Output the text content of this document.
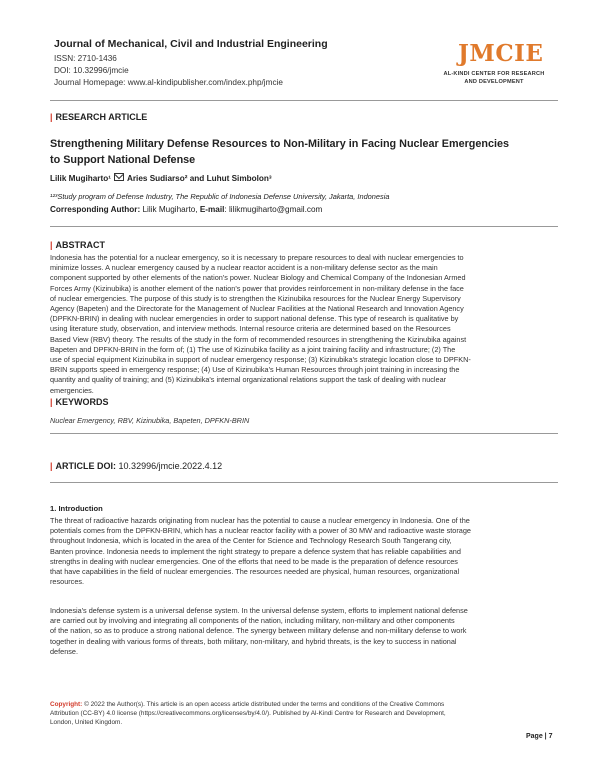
Journal of Mechanical, Civil and Industrial Engineering
ISSN: 2710-1436
DOI: 10.32996/jmcie
Journal Homepage: www.al-kindipublisher.com/index.php/jmcie
JMCIE
AL-KINDI CENTER FOR RESEARCH
AND DEVELOPMENT
| RESEARCH ARTICLE
Strengthening Military Defense Resources to Non-Military in Facing Nuclear Emergencies
to Support National Defense
Lilik Mugiharto¹ Aries Sudiarso² and Luhut Simbolon³
¹²³Study program of Defense Industry, The Republic of Indonesia Defense University, Jakarta, Indonesia
Corresponding Author: Lilik Mugiharto, E-mail: lilikmugiharto@gmail.com
| ABSTRACT
Indonesia has the potential for a nuclear emergency, so it is necessary to prepare resources to deal with nuclear emergencies to
minimize losses. A nuclear emergency caused by a nuclear reactor accident is a non-military defense sector as the main
component supported by other elements of the nation's power. Nuclear Biology and Chemical Company of the Indonesian Armed
Forces Army (Kizinubika) is another element of the nation's power that provides reinforcement in non-military defense in the face
of nuclear emergencies. The purpose of this study is to strengthen the Kizinubika resources for the Nuclear Energy Supervisory
Agency (Bapeten) and the Directorate for the Management of Nuclear Facilities at the National Research and Innovation Agency
(DPFKN-BRIN) in dealing with nuclear emergencies in order to support national defense. This type of research is qualitative by
using literature study, observation, and interview methods. Internal resource criteria are determined based on the Resources
Based View (RBV) theory. The results of the study in the form of recommended resources in strengthening the Kizinubika against
Bapeten and DPFKN-BRIN in the form of; (1) The use of Kizinubika facility as a joint training facility and infrastructure; (2) The
use of special equipment Kizinubika in support of nuclear emergency response; (3) Kizinubika's strategic location close to DPFKN-
BRIN supports speed in emergency response; (4) Use of Kizinubika's Human Resources through joint training in increasing the
quantity and quality of training; and (5) Kizinubika's internal organizational relations support the task of dealing with nuclear
emergencies.
| KEYWORDS
Nuclear Emergency, RBV, Kizinubika, Bapeten, DPFKN-BRIN
| ARTICLE DOI: 10.32996/jmcie.2022.4.12
1. Introduction
The threat of radioactive hazards originating from nuclear has the potential to cause a nuclear emergency in Indonesia. One of the
potentials comes from the DPFKN-BRIN, which has a nuclear reactor facility with a power of 30 MW and radioactive waste storage
throughout Indonesia, which is located in the area of the Center for Science and Technology Research South Tangerang city,
Banten province. Indonesia needs to implement the right strategy to prepare a defence system that has reliable capabilities and
strengths in dealing with nuclear emergencies. One of the efforts that need to be made is the preparation of defence resources
that have capabilities in the field of nuclear emergencies. The resources needed are physical, human resources, organizational
resources.
Indonesia's defense system is a universal defense system. In the universal defense system, efforts to implement national defense
are carried out by involving and integrating all components of the nation, including military, non-military and other components
of the nation, so as to produce a strong national defence. The synergy between military defense and non-military defense to work
together in dealing with various forms of threats, both military, non-military, and hybrid threats, is the key to success in national
defense.
Copyright: © 2022 the Author(s). This article is an open access article distributed under the terms and conditions of the Creative Commons
Attribution (CC-BY) 4.0 license (https://creativecommons.org/licenses/by/4.0/). Published by Al-Kindi Centre for Research and Development,
London, United Kingdom.
Page | 7
